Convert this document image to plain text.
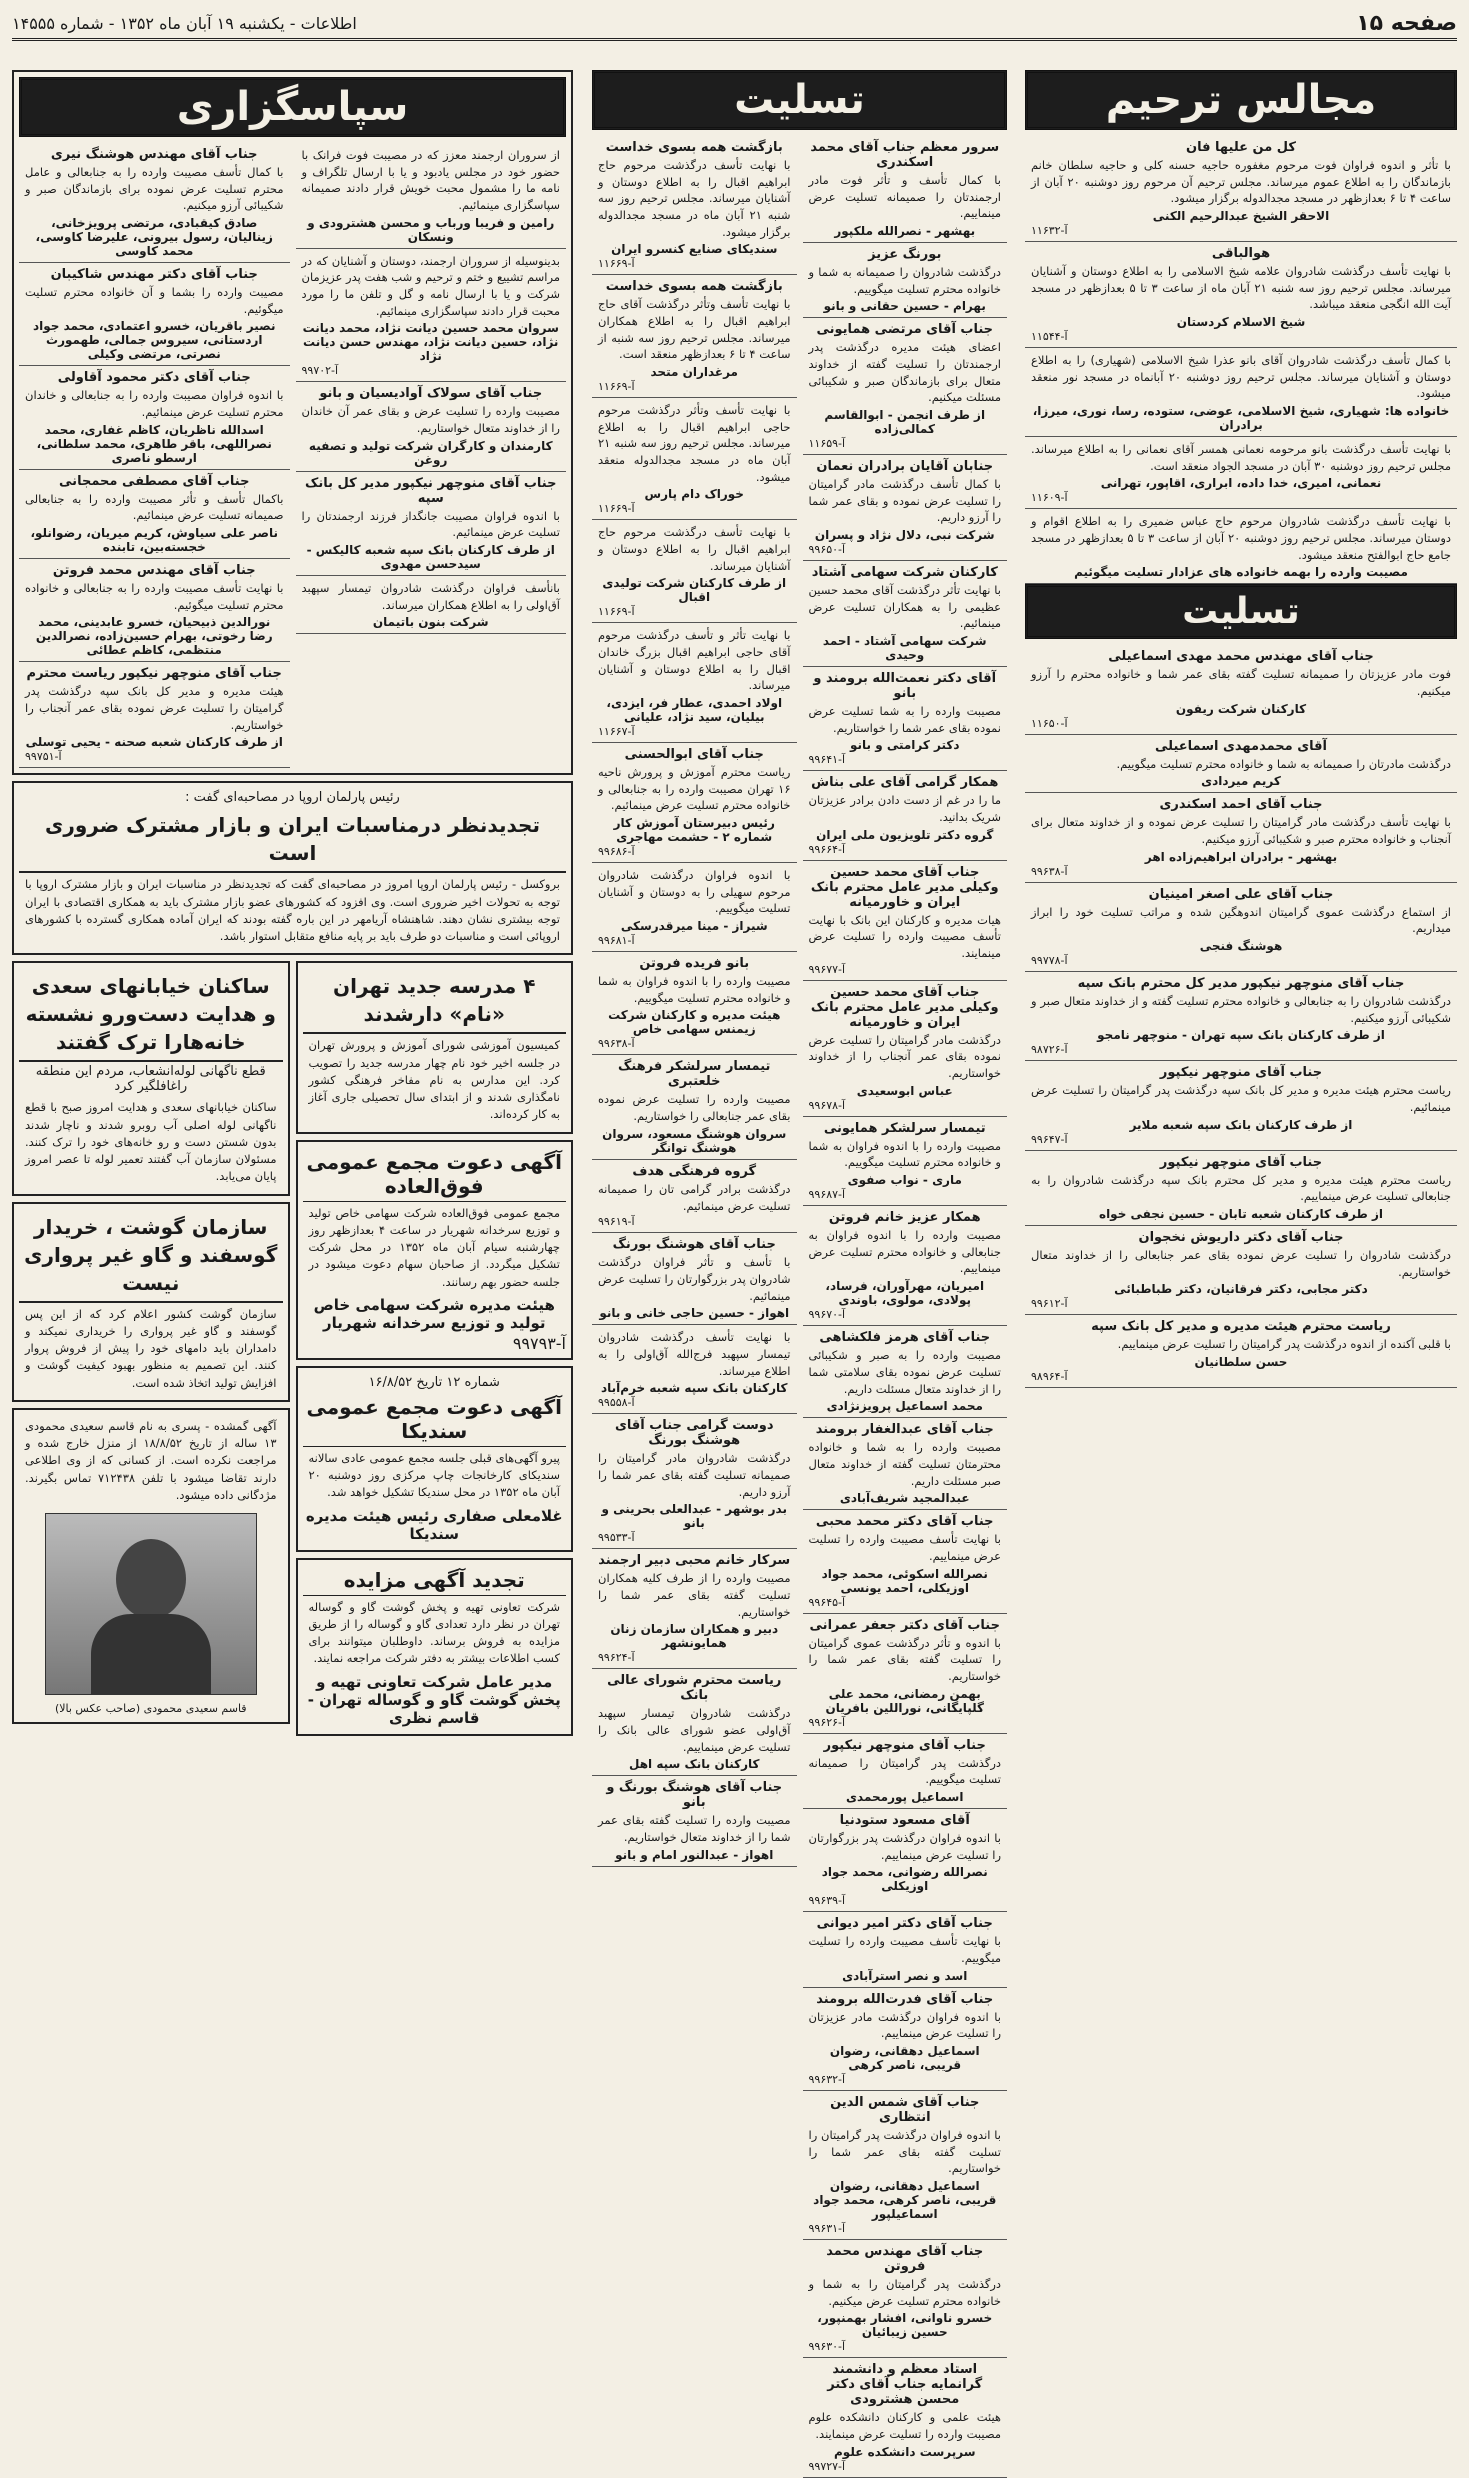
صفحه ۱۵
اطلاعات - یکشنبه ۱۹ آبان ماه ۱۳۵۲ - شماره ۱۴۵۵۵
مجالس ترحیم
کل من علیها فان
با تأثر و اندوه فراوان فوت مرحوم مغفوره حاجیه حسنه کلی و حاجیه سلطان خانم بازماندگان را به اطلاع عموم میرساند. مجلس ترحیم آن مرحوم روز دوشنبه ۲۰ آبان از ساعت ۴ تا ۶ بعدازظهر در مسجد مجدالدوله برگزار میشود.
الاحقر الشیخ عبدالرحیم الکنی
آ-۱۱۶۳۲
هوالباقی
با نهایت تأسف درگذشت شادروان علامه شیخ الاسلامی را به اطلاع دوستان و آشنایان میرساند. مجلس ترحیم روز سه شنبه ۲۱ آبان ماه از ساعت ۳ تا ۵ بعدازظهر در مسجد آیت الله انگجی منعقد میباشد.
شیخ الاسلام کردستان
آ-۱۱۵۴۴
با کمال تأسف درگذشت شادروان آقای بانو عذرا شیخ الاسلامی (شهیاری) را به اطلاع دوستان و آشنایان میرساند. مجلس ترحیم روز دوشنبه ۲۰ آبانماه در مسجد نور منعقد میشود.
خانواده ها: شهیاری، شیخ الاسلامی، عوضی، ستوده، رسا، نوری، میرزا، برادران
با نهایت تأسف درگذشت بانو مرحومه نعمانی همسر آقای نعمانی را به اطلاع میرساند. مجلس ترحیم روز دوشنبه ۳۰ آبان در مسجد الجواد منعقد است.
نعمانی، امیری، خدا داده، ابراری، اقاپور، تهرانی
آ-۱۱۶۰۹
با نهایت تأسف درگذشت شادروان مرحوم حاج عباس ضمیری را به اطلاع اقوام و دوستان میرساند. مجلس ترحیم روز دوشنبه ۲۰ آبان از ساعت ۳ تا ۵ بعدازظهر در مسجد جامع حاج ابوالفتح منعقد میشود.
مصیبت وارده را بهمه خانواده های عزادار تسلیت میگوئیم
تسلیت
جناب آقای مهندس محمد مهدی اسماعیلی
فوت مادر عزیزتان را صمیمانه تسلیت گفته بقای عمر شما و خانواده محترم را آرزو میکنیم.
کارکنان شرکت ریفون
آ-۱۱۶۵۰
آقای محمدمهدی اسماعیلی
درگذشت مادرتان را صمیمانه به شما و خانواده محترم تسلیت میگوییم.
کریم میردادی
جناب آقای احمد اسکندری
با نهایت تأسف درگذشت مادر گرامیتان را تسلیت عرض نموده و از خداوند متعال برای آنجناب و خانواده محترم صبر و شکیبائی آرزو میکنیم.
بهشهر - برادران ابراهیم‌زاده اهر
آ-۹۹۶۳۸
جناب آقای علی اصغر امینیان
از استماع درگذشت عموی گرامیتان اندوهگین شده و مراتب تسلیت خود را ابراز میداریم.
هوشنگ فنجی
آ-۹۹۷۷۸
جناب آقای منوچهر نیکپور مدیر کل محترم بانک سپه
درگذشت شادروان را به جنابعالی و خانواده محترم تسلیت گفته و از خداوند متعال صبر و شکیبائی آرزو میکنیم.
از طرف کارکنان بانک سپه تهران - منوچهر نامجو
آ-۹۸۷۲۶
جناب آقای منوچهر نیکپور
ریاست محترم هیئت مدیره و مدیر کل بانک سپه درگذشت پدر گرامیتان را تسلیت عرض مینمائیم.
از طرف کارکنان بانک سپه شعبه ملایر
آ-۹۹۶۴۷
جناب آقای منوچهر نیکپور
ریاست محترم هیئت مدیره و مدیر کل محترم بانک سپه درگذشت شادروان را به جنابعالی تسلیت عرض مینماییم.
از طرف کارکنان شعبه تابان - حسین نجفی خواه
جناب آقای دکتر داریوش نخجوان
درگذشت شادروان را تسلیت عرض نموده بقای عمر جنابعالی را از خداوند متعال خواستاریم.
دکتر مجابی، دکتر فرقانیان، دکتر طباطبائی
آ-۹۹۶۱۲
ریاست محترم هیئت مدیره و مدیر کل بانک سپه
با قلبی آکنده از اندوه درگذشت پدر گرامیتان را تسلیت عرض مینماییم.
حسن سلطانیان
آ-۹۸۹۶۴
تسلیت
سرور معظم جناب آقای محمد اسکندری
با کمال تأسف و تأثر فوت مادر ارجمندتان را صمیمانه تسلیت عرض مینماییم.
بهشهر - نصرالله ملکپور
بورنگ عزیز
درگذشت شادروان را صمیمانه به شما و خانواده محترم تسلیت میگوییم.
بهرام - حسین حقانی و بانو
جناب آقای مرتضی همایونی
اعضای هیئت مدیره درگذشت پدر ارجمندتان را تسلیت گفته از خداوند متعال برای بازماندگان صبر و شکیبائی مسئلت میکنیم.
از طرف انجمن - ابوالقاسم کمالی‌زاده
آ-۱۱۶۵۹
جنابان آقایان برادران نعمان
با کمال تأسف درگذشت مادر گرامیتان را تسلیت عرض نموده و بقای عمر شما را آرزو داریم.
شرکت نبی، دلال نژاد و پسران
آ-۹۹۶۵۰
کارکنان شرکت سهامی آشتاد
با نهایت تأثر درگذشت آقای محمد حسین عظیمی را به همکاران تسلیت عرض مینمائیم.
شرکت سهامی آشتاد - احمد وحیدی
آقای دکتر نعمت‌الله برومند و بانو
مصیبت وارده را به شما تسلیت عرض نموده بقای عمر شما را خواستاریم.
دکتر کرامتی و بانو
آ-۹۹۶۴۱
همکار گرامی آقای علی بناش
ما را در غم از دست دادن برادر عزیزتان شریک بدانید.
گروه دکتر تلویزیون ملی ایران
آ-۹۹۶۶۴
جناب آقای محمد حسین وکیلی مدیر عامل محترم بانک ایران و خاورمیانه
هیات مدیره و کارکنان این بانک با نهایت تأسف مصیبت وارده را تسلیت عرض مینمایند.
آ-۹۹۶۷۷
جناب آقای محمد حسین وکیلی مدیر عامل محترم بانک ایران و خاورمیانه
درگذشت مادر گرامیتان را تسلیت عرض نموده بقای عمر آنجناب را از خداوند خواستاریم.
عباس ابوسعیدی
آ-۹۹۶۷۸
تیمسار سرلشکر همایونی
مصیبت وارده را با اندوه فراوان به شما و خانواده محترم تسلیت میگوییم.
ماری - نواب صفوی
آ-۹۹۶۸۷
همکار عزیز خانم فروتن
مصیبت وارده را با اندوه فراوان به جنابعالی و خانواده محترم تسلیت عرض مینماییم.
امیریان، مهرآوران، فرساد، پولادی، مولوی، باوندی
آ-۹۹۶۷۰
جناب آقای هرمز فلکشاهی
مصیبت وارده را به صبر و شکیبائی تسلیت عرض نموده بقای سلامتی شما را از خداوند متعال مسئلت داریم.
محمد اسماعیل پرویزنژادی
جناب آقای عبدالغفار برومند
مصیبت وارده را به شما و خانواده محترمتان تسلیت گفته از خداوند متعال صبر مسئلت داریم.
عبدالمجید شریف‌آبادی
جناب آقای دکتر محمد محبی
با نهایت تأسف مصیبت وارده را تسلیت عرض مینماییم.
نصرالله اسکوئی، محمد جواد اوزیکلی، احمد یونسی
آ-۹۹۶۴۵
جناب آقای دکتر جعفر عمرانی
با اندوه و تأثر درگذشت عموی گرامیتان را تسلیت گفته بقای عمر شما را خواستاریم.
بهمن رمضانی، محمد علی گلپایگانی، نوراللین بافریان
آ-۹۹۶۲۶
جناب آقای منوچهر نیکپور
درگذشت پدر گرامیتان را صمیمانه تسلیت میگوییم.
اسماعیل پورمحمدی
آقای مسعود ستودنیا
با اندوه فراوان درگذشت پدر بزرگوارتان را تسلیت عرض مینماییم.
نصرالله رضوانی، محمد جواد اوزیکلی
آ-۹۹۶۳۹
جناب آقای دکتر امیر دیوانی
با نهایت تأسف مصیبت وارده را تسلیت میگوییم.
اسد و نصر استرآبادی
جناب آقای فدرت‌الله برومند
با اندوه فراوان درگذشت مادر عزیزتان را تسلیت عرض مینماییم.
اسماعیل دهقانی، رضوان قریبی، ناصر کرهی
آ-۹۹۶۳۲
جناب آقای شمس الدین انتظاری
با اندوه فراوان درگذشت پدر گرامیتان را تسلیت گفته بقای عمر شما را خواستاریم.
اسماعیل دهقانی، رضوان قریبی، ناصر کرهی، محمد جواد اسماعیلپور
آ-۹۹۶۳۱
جناب آقای مهندس محمد فروتن
درگذشت پدر گرامیتان را به شما و خانواده محترم تسلیت عرض میکنیم.
خسرو ناوانی، افشار بهمنپور، حسین زیبائیان
آ-۹۹۶۳۰
استاد معظم و دانشمند گرانمایه جناب آقای دکتر محسن هشترودی
هیئت علمی و کارکنان دانشکده علوم مصیبت وارده را تسلیت عرض مینمایند.
سرپرست دانشکده علوم
آ-۹۹۷۲۷
بازگشت همه بسوی خداست
با نهایت تأسف درگذشت مرحوم حاج ابراهیم اقبال را به اطلاع دوستان و آشنایان میرساند. مجلس ترحیم روز سه شنبه ۲۱ آبان ماه در مسجد مجدالدوله برگزار میشود.
سندیکای صنایع کنسرو ایران
آ-۱۱۶۶۹
بازگشت همه بسوی خداست
با نهایت تأسف وتأثر درگذشت آقای حاج ابراهیم اقبال را به اطلاع همکاران میرساند. مجلس ترحیم روز سه شنبه از ساعت ۴ تا ۶ بعدازظهر منعقد است.
مرغداران متحد
آ-۱۱۶۶۹
با نهایت تأسف وتأثر درگذشت مرحوم حاجی ابراهیم اقبال را به اطلاع میرساند. مجلس ترحیم روز سه شنبه ۲۱ آبان ماه در مسجد مجدالدوله منعقد میشود.
خوراک دام پارس
آ-۱۱۶۶۹
با نهایت تأسف درگذشت مرحوم حاج ابراهیم اقبال را به اطلاع دوستان و آشنایان میرساند.
از طرف کارکنان شرکت تولیدی اقبال
آ-۱۱۶۶۹
با نهایت تأثر و تأسف درگذشت مرحوم آقای حاجی ابراهیم اقبال بزرگ خاندان اقبال را به اطلاع دوستان و آشنایان میرساند.
اولاد احمدی، عطار فر، ایزدی، بیلیان، سید نژاد، علیانی
آ-۱۱۶۶۷
جناب آقای ابوالحسنی
ریاست محترم آموزش و پرورش ناحیه ۱۶ تهران مصیبت وارده را به جنابعالی و خانواده محترم تسلیت عرض مینمائیم.
رئیس دبیرستان آموزش کار شماره ۲ - حشمت مهاجری
آ-۹۹۶۸۶
با اندوه فراوان درگذشت شادروان مرحوم سهیلی را به دوستان و آشنایان تسلیت میگوییم.
شیراز - مینا میرقدرسکی
آ-۹۹۶۸۱
بانو فریده فروتن
مصیبت وارده را با اندوه فراوان به شما و خانواده محترم تسلیت میگوییم.
هیئت مدیره و کارکنان شرکت زیمنس سهامی خاص
آ-۹۹۶۳۸
تیمسار سرلشکر فرهنگ خلعتبری
مصیبت وارده را تسلیت عرض نموده بقای عمر جنابعالی را خواستاریم.
سروان هوشنگ مسعود، سروان هوشنگ توانگر
گروه فرهنگی هدف
درگذشت برادر گرامی تان را صمیمانه تسلیت عرض مینمائیم.
آ-۹۹۶۱۹
جناب آقای هوشنگ بورنگ
با تأسف و تأثر فراوان درگذشت شادروان پدر بزرگوارتان را تسلیت عرض مینمائیم.
اهواز - حسین حاجی خانی و بانو
با نهایت تأسف درگذشت شادروان تیمسار سپهبد فرج‌الله آق‌اولی را به اطلاع میرساند.
کارکنان بانک سپه شعبه خرم‌آباد
آ-۹۹۵۵۸
دوست گرامی جناب آقای هوشنگ بورنگ
درگذشت شادروان مادر گرامیتان را صمیمانه تسلیت گفته بقای عمر شما را آرزو داریم.
بدر بوشهر - عبدالعلی بحرینی و بانو
آ-۹۹۵۳۳
سرکار خانم محبی دبیر ارجمند
مصیبت وارده را از طرف کلیه همکاران تسلیت گفته بقای عمر شما را خواستاریم.
دبیر و همکاران سازمان زنان همایونشهر
آ-۹۹۶۲۴
ریاست محترم شورای عالی بانک
درگذشت شادروان تیمسار سپهبد آق‌اولی عضو شورای عالی بانک را تسلیت عرض مینماییم.
کارکنان بانک سپه اهل
جناب آقای هوشنگ بورنگ و بانو
مصیبت وارده را تسلیت گفته بقای عمر شما را از خداوند متعال خواستاریم.
اهواز - عبدالنور امام و بانو
سپاسگزاری
از سروران ارجمند معزز که در مصیبت فوت فرانک با حضور خود در مجلس یادبود و یا با ارسال تلگراف و نامه ما را مشمول محبت خویش قرار دادند صمیمانه سپاسگزاری مینمائیم.
رامین و فریبا ورباب و محسن هشترودی و ونسکان
بدینوسیله از سروران ارجمند، دوستان و آشنایان که در مراسم تشییع و ختم و ترحیم و شب هفت پدر عزیزمان شرکت و یا با ارسال نامه و گل و تلفن ما را مورد محبت قرار دادند سپاسگزاری مینمائیم.
سروان محمد حسین دیانت نژاد، محمد دیانت نژاد، حسین دیانت نژاد، مهندس حسن دیانت نژاد
آ-۹۹۷۰۲
جناب آقای سولاک آوادیسیان و بانو
مصیبت وارده را تسلیت عرض و بقای عمر آن خاندان را از خداوند متعال خواستاریم.
کارمندان و کارگران شرکت تولید و تصفیه روغن
جناب آقای منوچهر نیکپور مدیر کل بانک سپه
با اندوه فراوان مصیبت جانگداز فرزند ارجمندتان را تسلیت عرض مینمائیم.
از طرف کارکنان بانک سپه شعبه کالیکس - سیدحسن مهدوی
بانأسف فراوان درگذشت شادروان تیمسار سپهبد آق‌اولی را به اطلاع همکاران میرساند.
شرکت بنون باتیمان
جناب آقای مهندس هوشنگ نیری
با کمال تأسف مصیبت وارده را به جنابعالی و عامل محترم تسلیت عرض نموده برای بازماندگان صبر و شکیبائی آرزو میکنیم.
صادق کیقبادی، مرتضی پرویزخانی، زینالیان، رسول بیرونی، علیرضا کاوسی، محمد کاوسی
جناب آقای دکتر مهندس شاکیبان
مصیبت وارده را بشما و آن خانواده محترم تسلیت میگوئیم.
نصیر باقریان، خسرو اعتمادی، محمد جواد اردستانی، سیروس جمالی، طهمورث نصرتی، مرتضی وکیلی
جناب آقای دکتر محمود آقاولی
با اندوه فراوان مصیبت وارده را به جنابعالی و خاندان محترم تسلیت عرض مینمائیم.
اسدالله ناظریان، کاظم غفاری، محمد نصراللهی، باقر طاهری، محمد سلطانی، ارسطو ناصری
جناب آقای مصطفی محمجانی
باکمال تأسف و تأثر مصیبت وارده را به جنابعالی صمیمانه تسلیت عرض مینمائیم.
ناصر علی سیاوش، کریم میریان، رضوانلو، خجسته‌بین، تابنده
جناب آقای مهندس محمد فروتن
با نهایت تأسف مصیبت وارده را به جنابعالی و خانواده محترم تسلیت میگوئیم.
نورالدین ذبیحیان، خسرو عابدینی، محمد رضا رخوتی، بهرام حسین‌زاده، نصرالدین منتظمی، کاظم عطائی
جناب آقای منوچهر نیکپور ریاست محترم
هیئت مدیره و مدیر کل بانک سپه درگذشت پدر گرامیتان را تسلیت عرض نموده بقای عمر آنجناب را خواستاریم.
از طرف کارکنان شعبه صحنه - یحیی توسلی
آ-۹۹۷۵۱
رئیس پارلمان اروپا در مصاحبه‌ای گفت :
تجدیدنظر درمناسبات ایران و بازار مشترک ضروری است
بروکسل - رئیس پارلمان اروپا امروز در مصاحبه‌ای گفت که تجدیدنظر در مناسبات ایران و بازار مشترک اروپا با توجه به تحولات اخیر ضروری است. وی افزود که کشورهای عضو بازار مشترک باید به همکاری اقتصادی با ایران توجه بیشتری نشان دهند. شاهنشاه آریامهر در این باره گفته بودند که ایران آماده همکاری گسترده با کشورهای اروپائی است و مناسبات دو طرف باید بر پایه منافع متقابل استوار باشد.
۴ مدرسه جدید تهران «نام» دارشدند
کمیسیون آموزشی شورای آموزش و پرورش تهران در جلسه اخیر خود نام چهار مدرسه جدید را تصویب کرد. این مدارس به نام مفاخر فرهنگی کشور نامگذاری شدند و از ابتدای سال تحصیلی جاری آغاز به کار کرده‌اند.
آگهی دعوت مجمع عمومی فوق‌العاده
مجمع عمومی فوق‌العاده شرکت سهامی خاص تولید و توزیع سرخدانه شهریار در ساعت ۴ بعدازظهر روز چهارشنبه سیام آبان ماه ۱۳۵۲ در محل شرکت تشکیل میگردد. از صاحبان سهام دعوت میشود در جلسه حضور بهم رسانند.
هیئت مدیره شرکت سهامی خاص تولید و توزیع سرخدانه شهریار
آ-۹۹۷۹۳
شماره ۱۲ تاریخ ۱۶/۸/۵۲
آگهی دعوت مجمع عمومی سندیکا
پیرو آگهی‌های قبلی جلسه مجمع عمومی عادی سالانه سندیکای کارخانجات چاپ مرکزی روز دوشنبه ۲۰ آبان ماه ۱۳۵۲ در محل سندیکا تشکیل خواهد شد.
غلامعلی صفاری رئیس هیئت مدیره سندیکا
تجدید آگهی مزایده
شرکت تعاونی تهیه و پخش گوشت گاو و گوساله تهران در نظر دارد تعدادی گاو و گوساله را از طریق مزایده به فروش برساند. داوطلبان میتوانند برای کسب اطلاعات بیشتر به دفتر شرکت مراجعه نمایند.
مدیر عامل شرکت تعاونی تهیه و پخش گوشت گاو و گوساله تهران - قاسم نظری
ساکنان خیابانهای سعدی و هدایت دست‌ورو نشسته خانه‌هارا ترک گفتند
قطع ناگهانی لوله‌انشعاب، مردم این منطقه راغافلگیر کرد
ساکنان خیابانهای سعدی و هدایت امروز صبح با قطع ناگهانی لوله اصلی آب روبرو شدند و ناچار شدند بدون شستن دست و رو خانه‌های خود را ترک کنند. مسئولان سازمان آب گفتند تعمیر لوله تا عصر امروز پایان می‌یابد.
سازمان گوشت ، خریدار گوسفند و گاو غیر پرواری نیست
سازمان گوشت کشور اعلام کرد که از این پس گوسفند و گاو غیر پرواری را خریداری نمیکند و دامداران باید دامهای خود را پیش از فروش پروار کنند. این تصمیم به منظور بهبود کیفیت گوشت و افزایش تولید اتخاذ شده است.
آگهی گمشده - پسری به نام قاسم سعیدی محمودی ۱۳ ساله از تاریخ ۱۸/۸/۵۲ از منزل خارج شده و مراجعت نکرده است. از کسانی که از وی اطلاعی دارند تقاضا میشود با تلفن ۷۱۲۴۳۸ تماس بگیرند. مژدگانی داده میشود.
قاسم سعیدی محمودی (صاحب عکس بالا)
